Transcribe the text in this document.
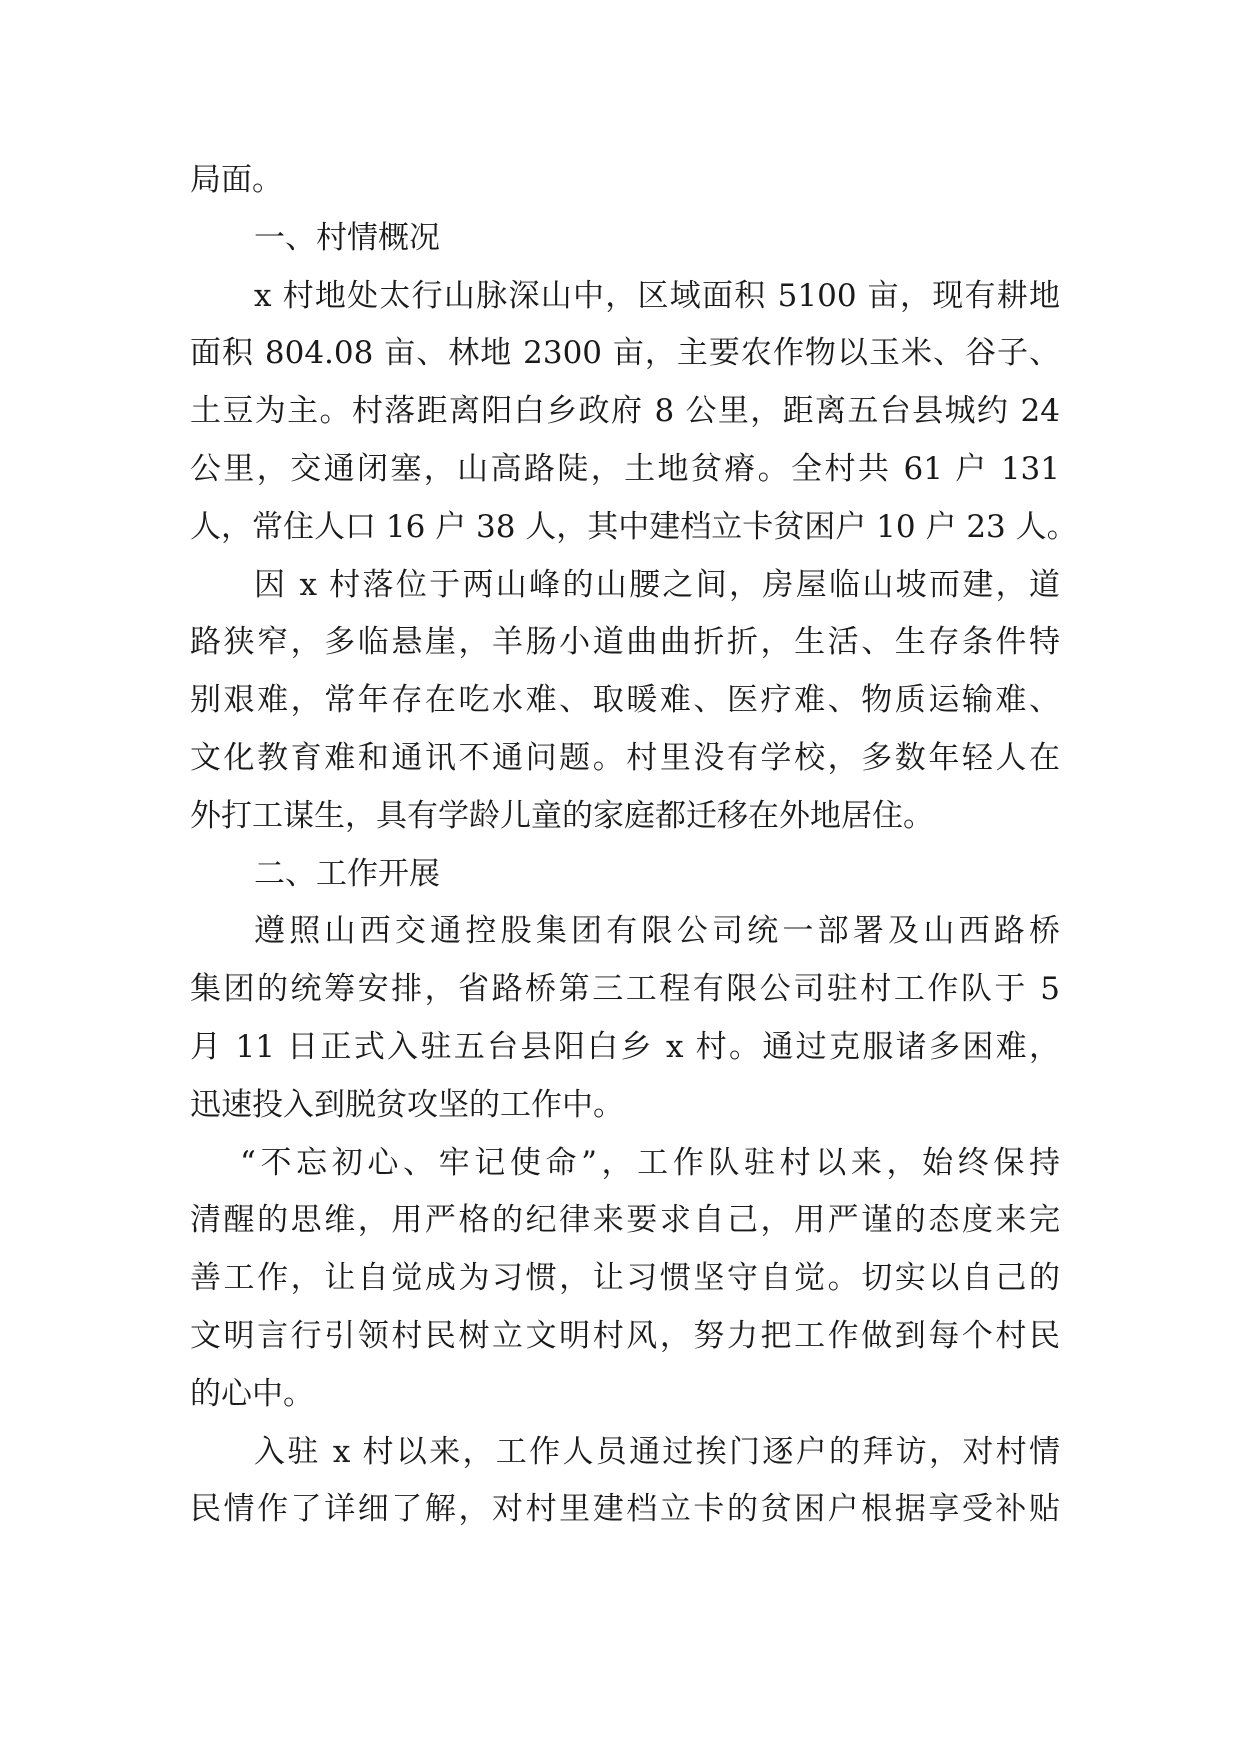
局面。
一、村情概况
x 村地处太行山脉深山中，区域面积 5100 亩，现有耕地
面积 804.08 亩、林地 2300 亩，主要农作物以玉米、谷子、
土豆为主。村落距离阳白乡政府 8 公里，距离五台县城约 24
公里，交通闭塞，山高路陡，土地贫瘠。全村共 61 户 131
人，常住人口 16 户 38 人，其中建档立卡贫困户 10 户 23 人。
因 x 村落位于两山峰的山腰之间，房屋临山坡而建，道
路狭窄，多临悬崖，羊肠小道曲曲折折，生活、生存条件特
别艰难，常年存在吃水难、取暖难、医疗难、物质运输难、
文化教育难和通讯不通问题。村里没有学校，多数年轻人在
外打工谋生，具有学龄儿童的家庭都迁移在外地居住。
二、工作开展
遵照山西交通控股集团有限公司统一部署及山西路桥
集团的统筹安排，省路桥第三工程有限公司驻村工作队于 5
月 11 日正式入驻五台县阳白乡 x 村。通过克服诸多困难，
迅速投入到脱贫攻坚的工作中。
“不忘初心、牢记使命”，工作队驻村以来，始终保持
清醒的思维，用严格的纪律来要求自己，用严谨的态度来完
善工作，让自觉成为习惯，让习惯坚守自觉。切实以自己的
文明言行引领村民树立文明村风，努力把工作做到每个村民
的心中。
入驻 x 村以来，工作人员通过挨门逐户的拜访，对村情
民情作了详细了解，对村里建档立卡的贫困户根据享受补贴
